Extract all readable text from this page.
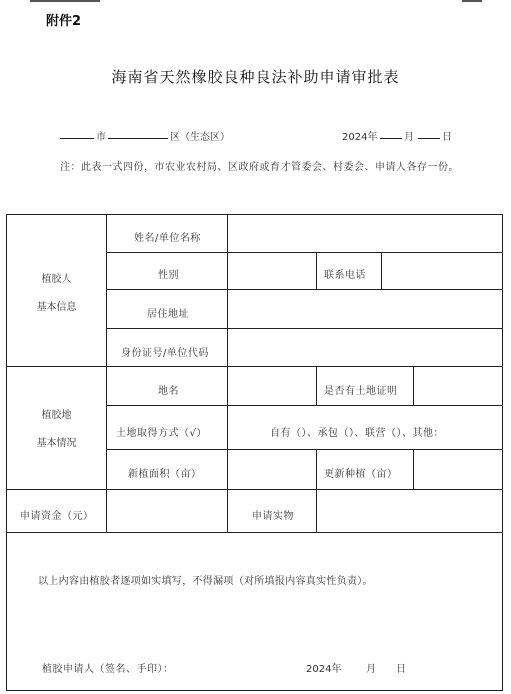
附件2
海南省天然橡胶良种良法补助申请审批表
市	区（生态区）	2024年	月	日
注：此表一式四份，市农业农村局、区政府或育才管委会、村委会、申请人各存一份。
植胶人
基本信息
姓名/单位名称
性别	联系电话
居住地址
身份证号/单位代码
植胶地
基本情况
地名	是否有土地证明
土地取得方式（√）	自有（）、承包（）、联营（）、其他：
新植面积（亩）	更新种植（亩）
申请资金（元）	申请实物
以上内容由植胶者逐项如实填写，不得漏项（对所填报内容真实性负责）。
植胶申请人（签名、手印）：	2024年 月 日
